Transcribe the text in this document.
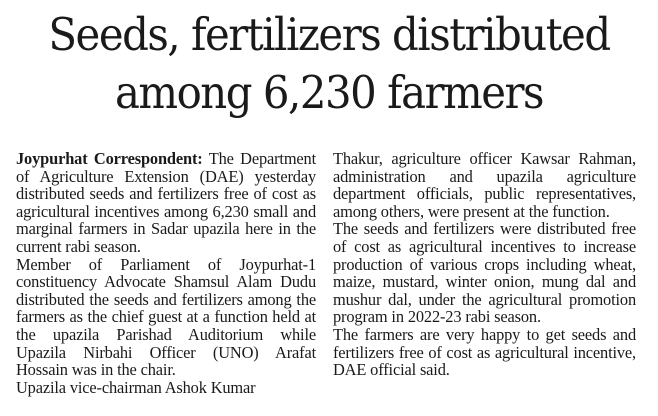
Seeds, fertilizers distributed
among 6,230 farmers

Joypurhat Correspondent: The Department of Agriculture Extension (DAE) yesterday distributed seeds and fertilizers free of cost as agricultural incentives among 6,230 small and marginal farmers in Sadar upazila here in the current rabi season.

Member of Parliament of Joypurhat-1 constituency Advocate Shamsul Alam Dudu distributed the seeds and fertilizers among the farmers as the chief guest at a function held at the upazila Parishad Auditorium while Upazila Nirbahi Officer (UNO) Arafat Hossain was in the chair.

Upazila vice-chairman Ashok Kumar

Thakur, agriculture officer Kawsar Rahman, administration and upazila agriculture department officials, public representatives, among others, were present at the function.

The seeds and fertilizers were distributed free of cost as agricultural incentives to increase production of various crops including wheat, maize, mustard, winter onion, mung dal and mushur dal, under the agricultural promotion program in 2022-23 rabi season.

The farmers are very happy to get seeds and fertilizers free of cost as agricultural incentive, DAE official said.
